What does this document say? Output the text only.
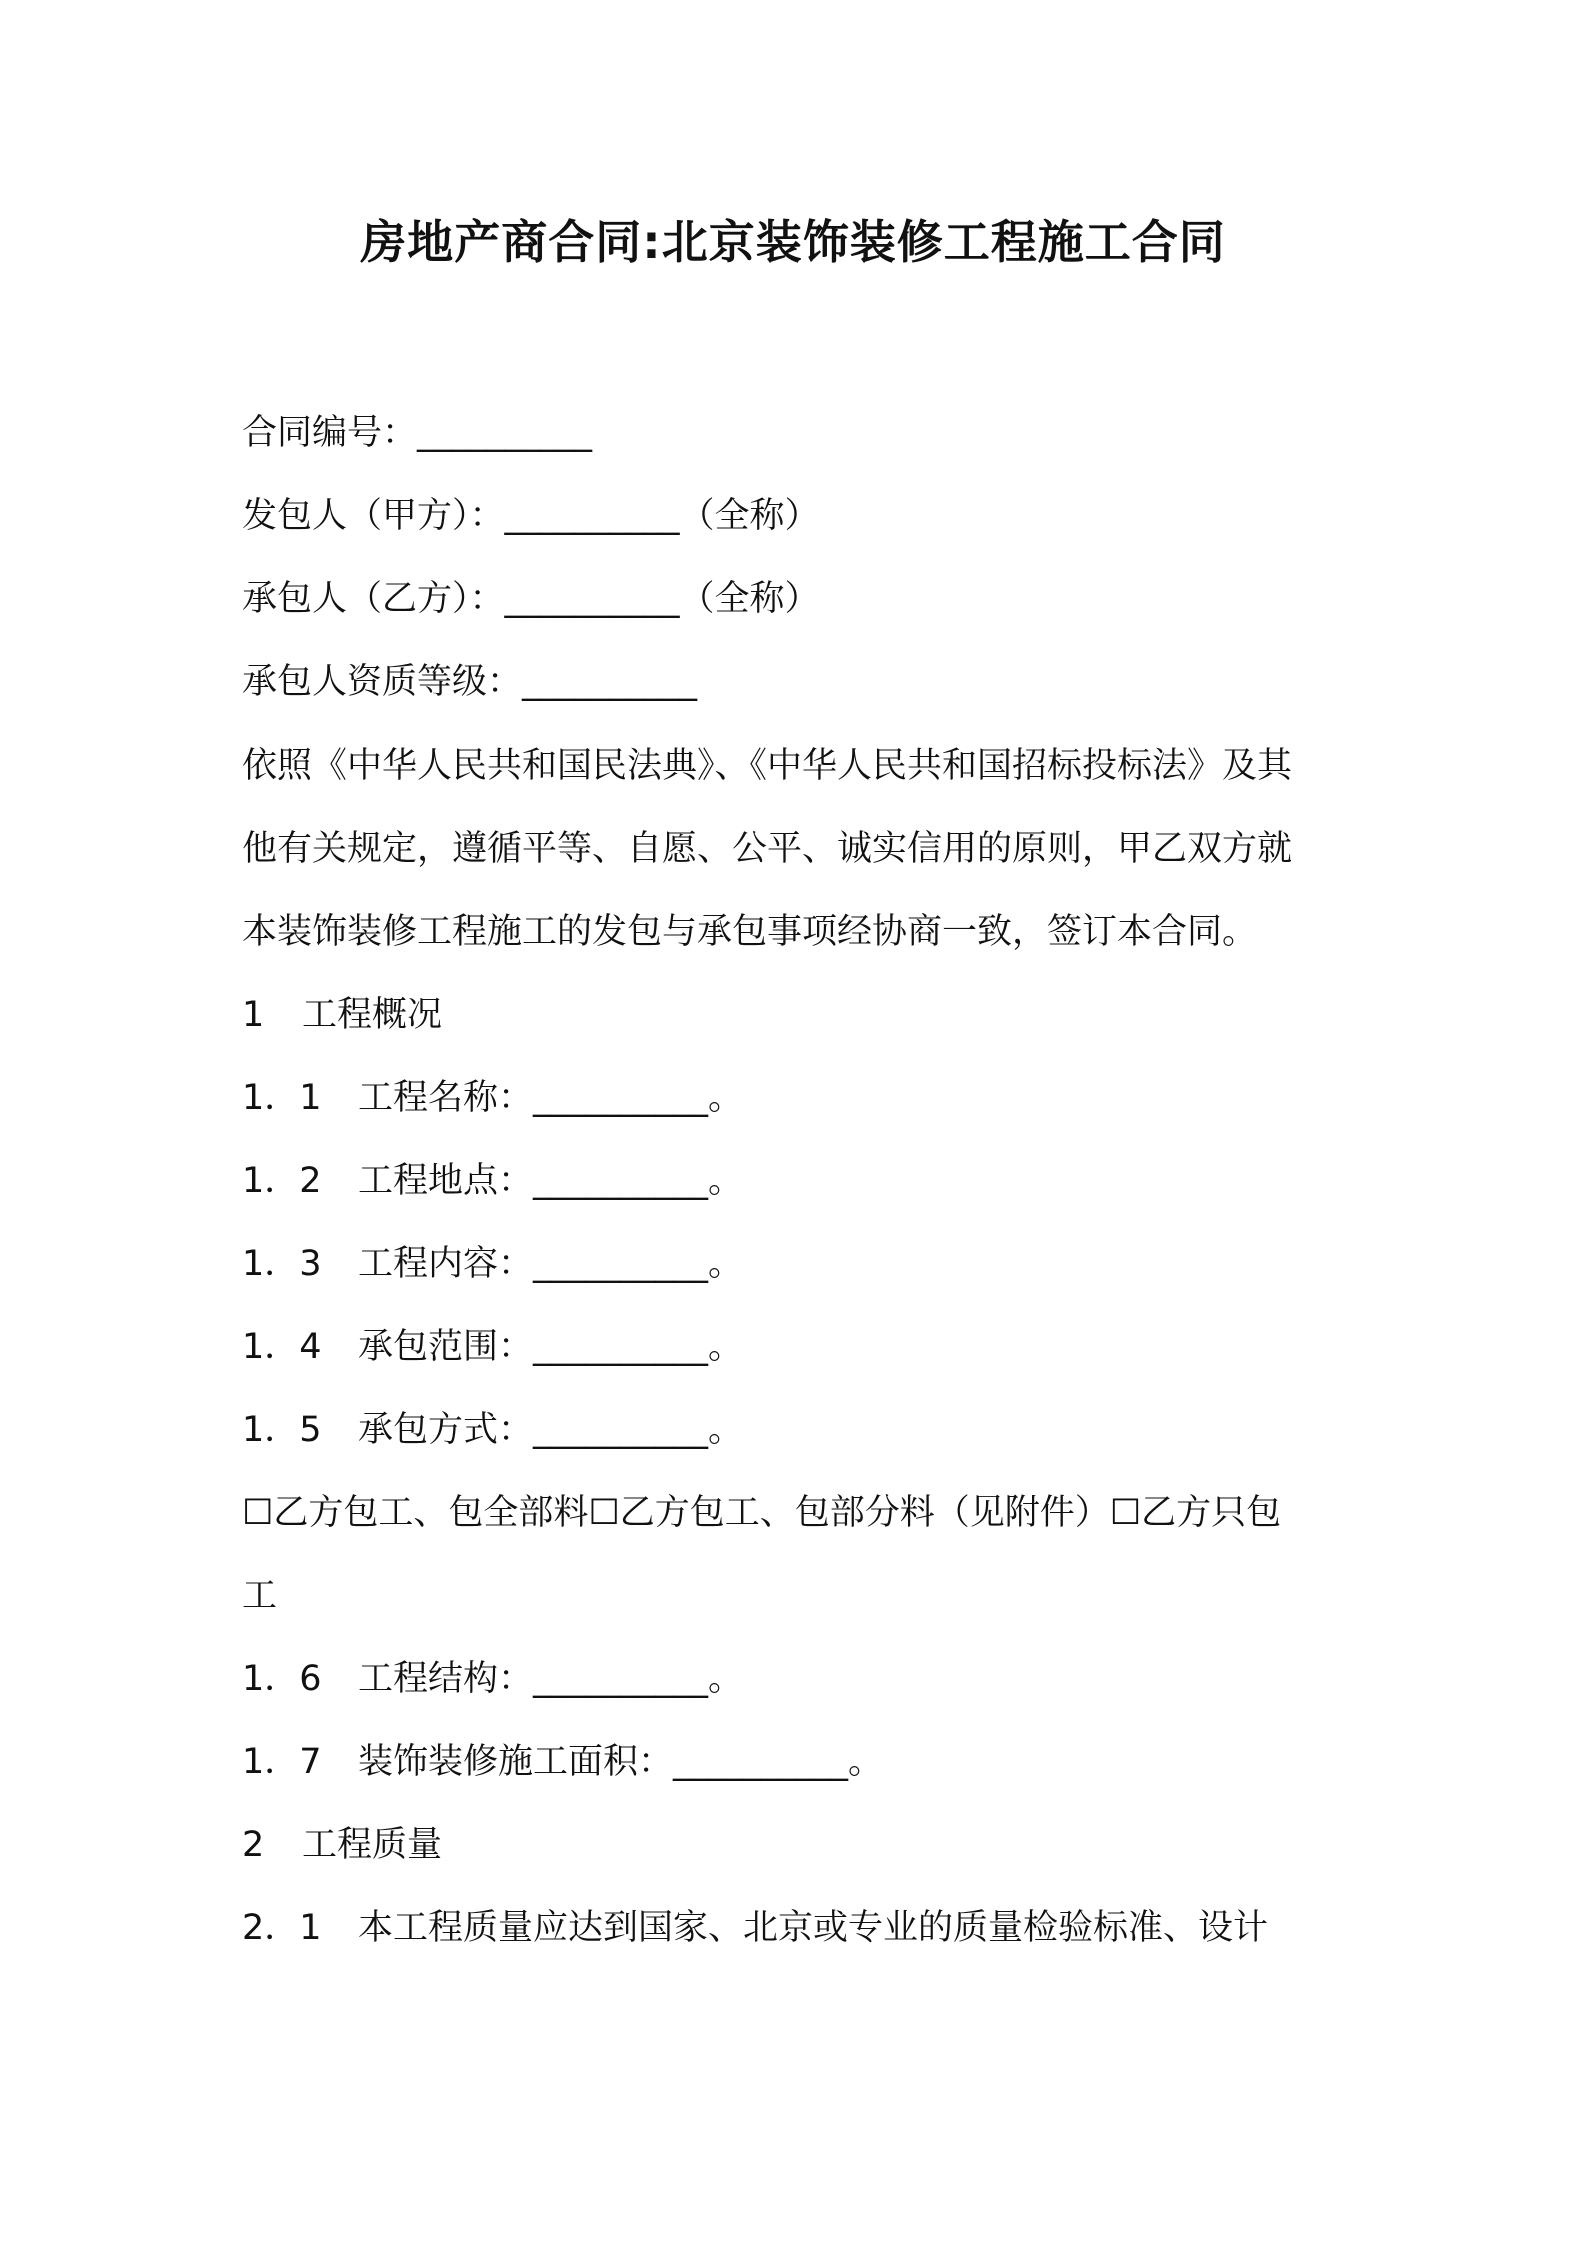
房地产商合同:北京装饰装修工程施工合同
合同编号：__________
发包人（甲方）：__________（全称）
承包人（乙方）：__________（全称）
承包人资质等级：__________
依照《中华人民共和国民法典》、《中华人民共和国招标投标法》及其
他有关规定，遵循平等、自愿、公平、诚实信用的原则，甲乙双方就
本装饰装修工程施工的发包与承包事项经协商一致，签订本合同。
1 工程概况
1．1 工程名称：__________。
1．2 工程地点：__________。
1．3 工程内容：__________。
1．4 承包范围：__________。
1．5 承包方式：__________。
☐乙方包工、包全部料☐乙方包工、包部分料（见附件）☐乙方只包
工
1．6 工程结构：__________。
1．7 装饰装修施工面积：__________。
2 工程质量
2．1 本工程质量应达到国家、北京或专业的质量检验标准、设计
